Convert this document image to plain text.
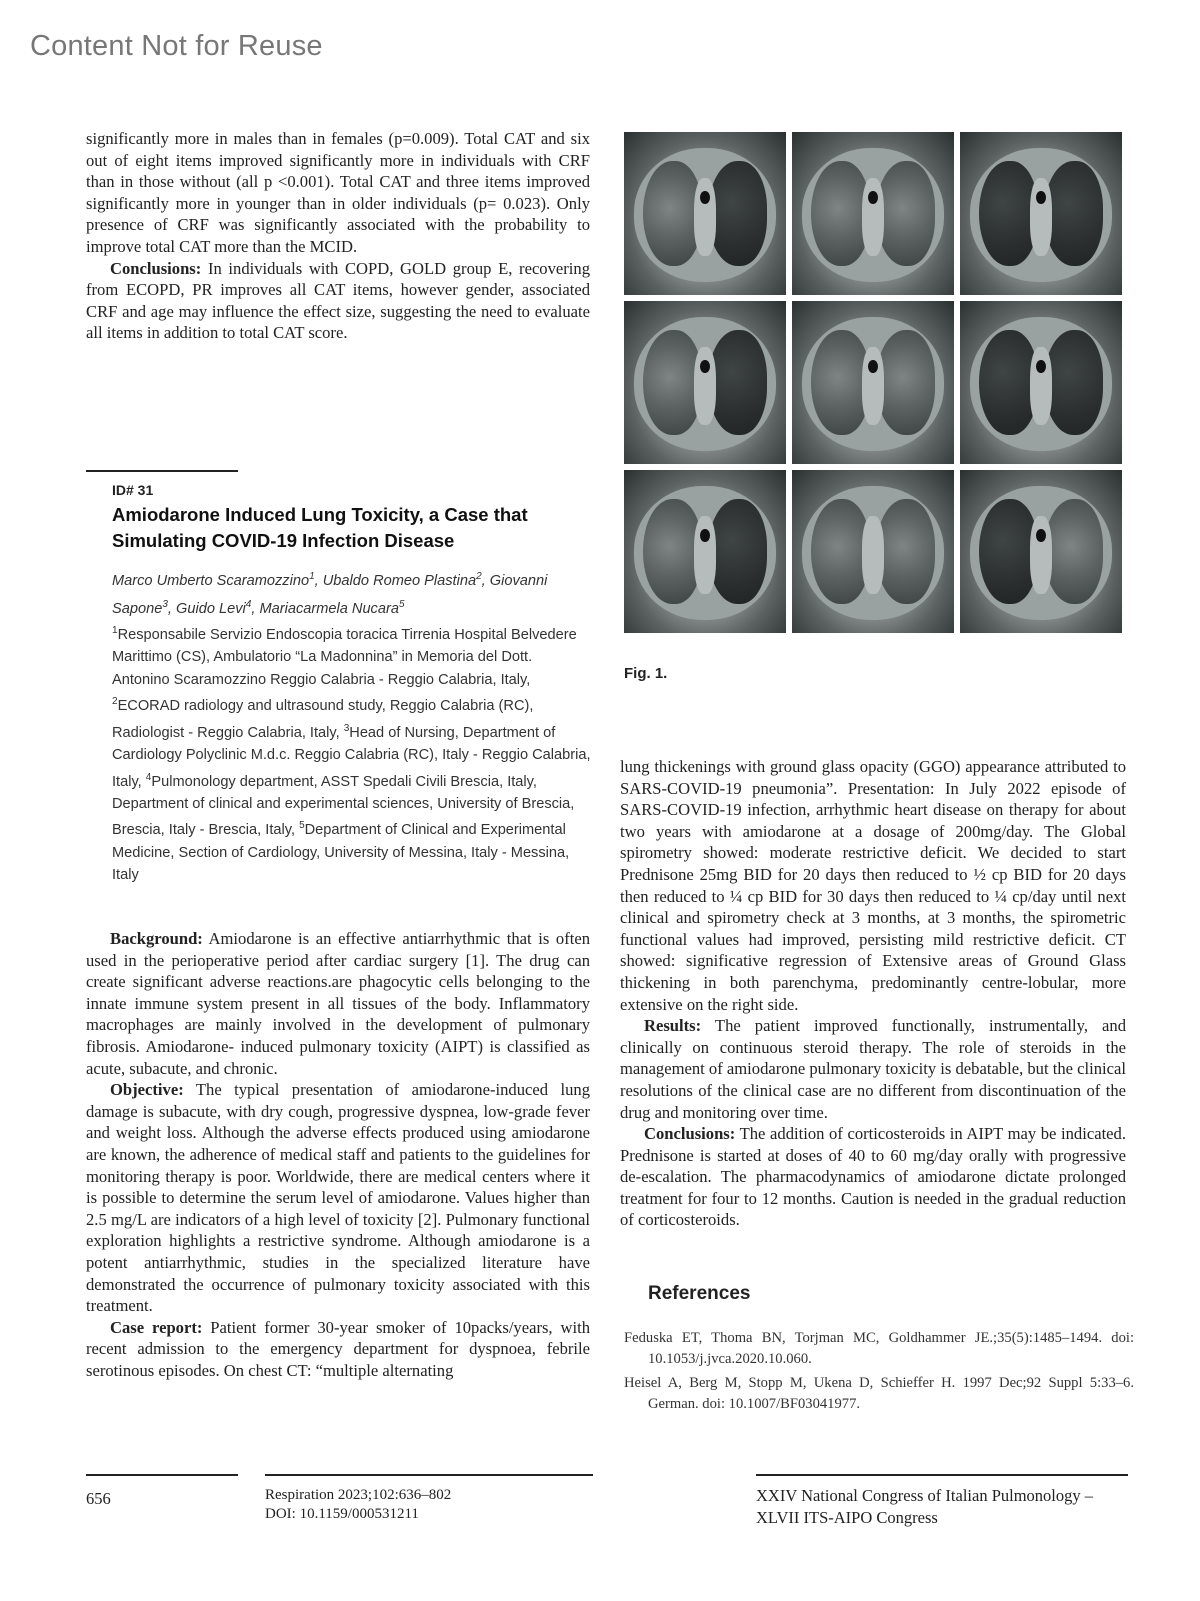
Content Not for Reuse

significantly more in males than in females (p=0.009). Total CAT and six out of eight items improved significantly more in individuals with CRF than in those without (all p <0.001). Total CAT and three items improved significantly more in younger than in older individuals (p= 0.023). Only presence of CRF was significantly associated with the probability to improve total CAT more than the MCID.

Conclusions: In individuals with COPD, GOLD group E, recovering from ECOPD, PR improves all CAT items, however gender, associated CRF and age may influence the effect size, suggesting the need to evaluate all items in addition to total CAT score.

ID# 31
Amiodarone Induced Lung Toxicity, a Case that Simulating COVID-19 Infection Disease
Marco Umberto Scaramozzino$^1$, Ubaldo Romeo Plastina$^2$, Giovanni Sapone$^3$, Guido Levi$^4$, Mariacarmela Nucara$^5$
$^1$Responsabile Servizio Endoscopia toracica Tirrenia Hospital Belvedere Marittimo (CS), Ambulatorio “La Madonnina” in Memoria del Dott. Antonino Scaramozzino Reggio Calabria - Reggio Calabria, Italy, $^2$ECORAD radiology and ultrasound study, Reggio Calabria (RC), Radiologist - Reggio Calabria, Italy, $^3$Head of Nursing, Department of Cardiology Polyclinic M.d.c. Reggio Calabria (RC), Italy - Reggio Calabria, Italy, $^4$Pulmonology department, ASST Spedali Civili Brescia, Italy, Department of clinical and experimental sciences, University of Brescia, Brescia, Italy - Brescia, Italy, $^5$Department of Clinical and Experimental Medicine, Section of Cardiology, University of Messina, Italy - Messina, Italy

Background: Amiodarone is an effective antiarrhythmic that is often used in the perioperative period after cardiac surgery [1]. The drug can create significant adverse reactions.are phagocytic cells belonging to the innate immune system present in all tissues of the body. Inflammatory macrophages are mainly involved in the development of pulmonary fibrosis. Amiodarone- induced pulmonary toxicity (AIPT) is classified as acute, subacute, and chronic.

Objective: The typical presentation of amiodarone-induced lung damage is subacute, with dry cough, progressive dyspnea, low-grade fever and weight loss. Although the adverse effects produced using amiodarone are known, the adherence of medical staff and patients to the guidelines for monitoring therapy is poor. Worldwide, there are medical centers where it is possible to determine the serum level of amiodarone. Values higher than 2.5 mg/L are indicators of a high level of toxicity [2]. Pulmonary functional exploration highlights a restrictive syndrome. Although amiodarone is a potent antiarrhythmic, studies in the specialized literature have demonstrated the occurrence of pulmonary toxicity associated with this treatment.

Case report: Patient former 30-year smoker of 10packs/years, with recent admission to the emergency department for dyspnoea, febrile serotinous episodes. On chest CT: “multiple alternating

Fig. 1.

lung thickenings with ground glass opacity (GGO) appearance attributed to SARS-COVID-19 pneumonia”. Presentation: In July 2022 episode of SARS-COVID-19 infection, arrhythmic heart disease on therapy for about two years with amiodarone at a dosage of 200mg/day. The Global spirometry showed: moderate restrictive deficit. We decided to start Prednisone 25mg BID for 20 days then reduced to ½ cp BID for 20 days then reduced to ¼ cp BID for 30 days then reduced to ¼ cp/day until next clinical and spirometry check at 3 months, at 3 months, the spirometric functional values had improved, persisting mild restrictive deficit. CT showed: significative regression of Extensive areas of Ground Glass thickening in both parenchyma, predominantly centre-lobular, more extensive on the right side.

Results: The patient improved functionally, instrumentally, and clinically on continuous steroid therapy. The role of steroids in the management of amiodarone pulmonary toxicity is debatable, but the clinical resolutions of the clinical case are no different from discontinuation of the drug and monitoring over time.

Conclusions: The addition of corticosteroids in AIPT may be indicated. Prednisone is started at doses of 40 to 60 mg/day orally with progressive de-escalation. The pharmacodynamics of amiodarone dictate prolonged treatment for four to 12 months. Caution is needed in the gradual reduction of corticosteroids.

References

Feduska ET, Thoma BN, Torjman MC, Goldhammer JE.;35(5):1485–1494. doi: 10.1053/j.jvca.2020.10.060.

Heisel A, Berg M, Stopp M, Ukena D, Schieffer H. 1997 Dec;92 Suppl 5:33–6. German. doi: 10.1007/BF03041977.

656	Respiration 2023;102:636–802
DOI: 10.1159/000531211
XXIV National Congress of Italian Pulmonology –
XLVII ITS-AIPO Congress
